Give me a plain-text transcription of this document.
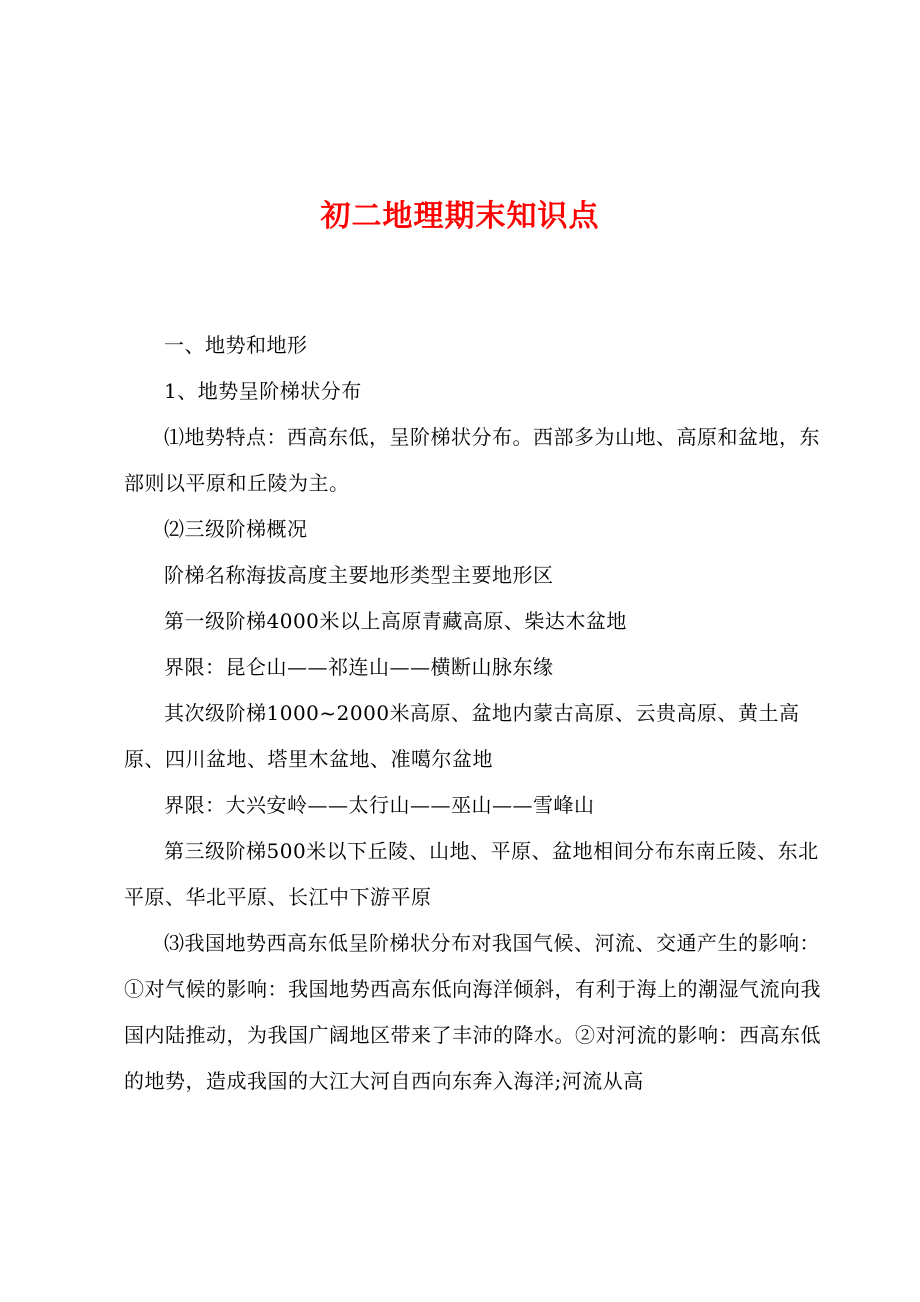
初二地理期末知识点

一、地势和地形

1、地势呈阶梯状分布

⑴地势特点：西高东低，呈阶梯状分布。西部多为山地、高原和盆地，东部则以平原和丘陵为主。

⑵三级阶梯概况

阶梯名称海拔高度主要地形类型主要地形区

第一级阶梯4000米以上高原青藏高原、柴达木盆地

界限：昆仑山——祁连山——横断山脉东缘

其次级阶梯1000~2000米高原、盆地内蒙古高原、云贵高原、黄土高原、四川盆地、塔里木盆地、准噶尔盆地

界限：大兴安岭——太行山——巫山——雪峰山

第三级阶梯500米以下丘陵、山地、平原、盆地相间分布东南丘陵、东北平原、华北平原、长江中下游平原

⑶我国地势西高东低呈阶梯状分布对我国气候、河流、交通产生的影响：①对气候的影响：我国地势西高东低向海洋倾斜，有利于海上的潮湿气流向我国内陆推动，为我国广阔地区带来了丰沛的降水。②对河流的影响：西高东低的地势，造成我国的大江大河自西向东奔入海洋;河流从高
